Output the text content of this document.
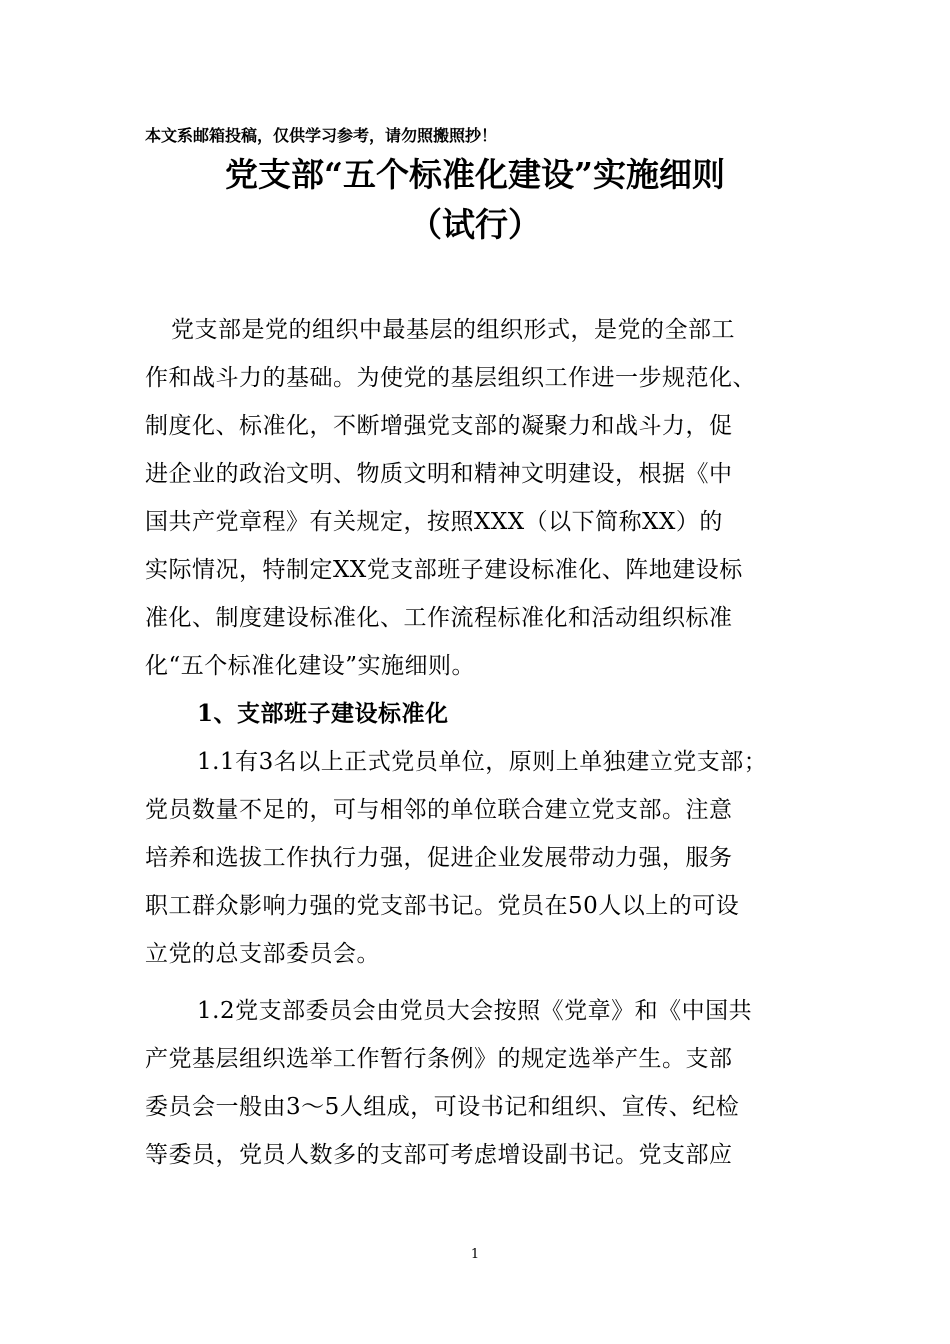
本文系邮箱投稿，仅供学习参考，请勿照搬照抄！
党支部“五个标准化建设”实施细则
（试行）
党支部是党的组织中最基层的组织形式，是党的全部工
作和战斗力的基础。为使党的基层组织工作进一步规范化、
制度化、标准化，不断增强党支部的凝聚力和战斗力，促
进企业的政治文明、物质文明和精神文明建设，根据《中
国共产党章程》有关规定，按照XXX（以下简称XX）的
实际情况，特制定XX党支部班子建设标准化、阵地建设标
准化、制度建设标准化、工作流程标准化和活动组织标准
化“五个标准化建设”实施细则。
1、支部班子建设标准化
1.1有3名以上正式党员单位，原则上单独建立党支部；
党员数量不足的，可与相邻的单位联合建立党支部。注意
培养和选拔工作执行力强，促进企业发展带动力强，服务
职工群众影响力强的党支部书记。党员在50人以上的可设
立党的总支部委员会。
1.2党支部委员会由党员大会按照《党章》和《中国共
产党基层组织选举工作暂行条例》的规定选举产生。支部
委员会一般由3～5人组成，可设书记和组织、宣传、纪检
等委员，党员人数多的支部可考虑增设副书记。党支部应
1
